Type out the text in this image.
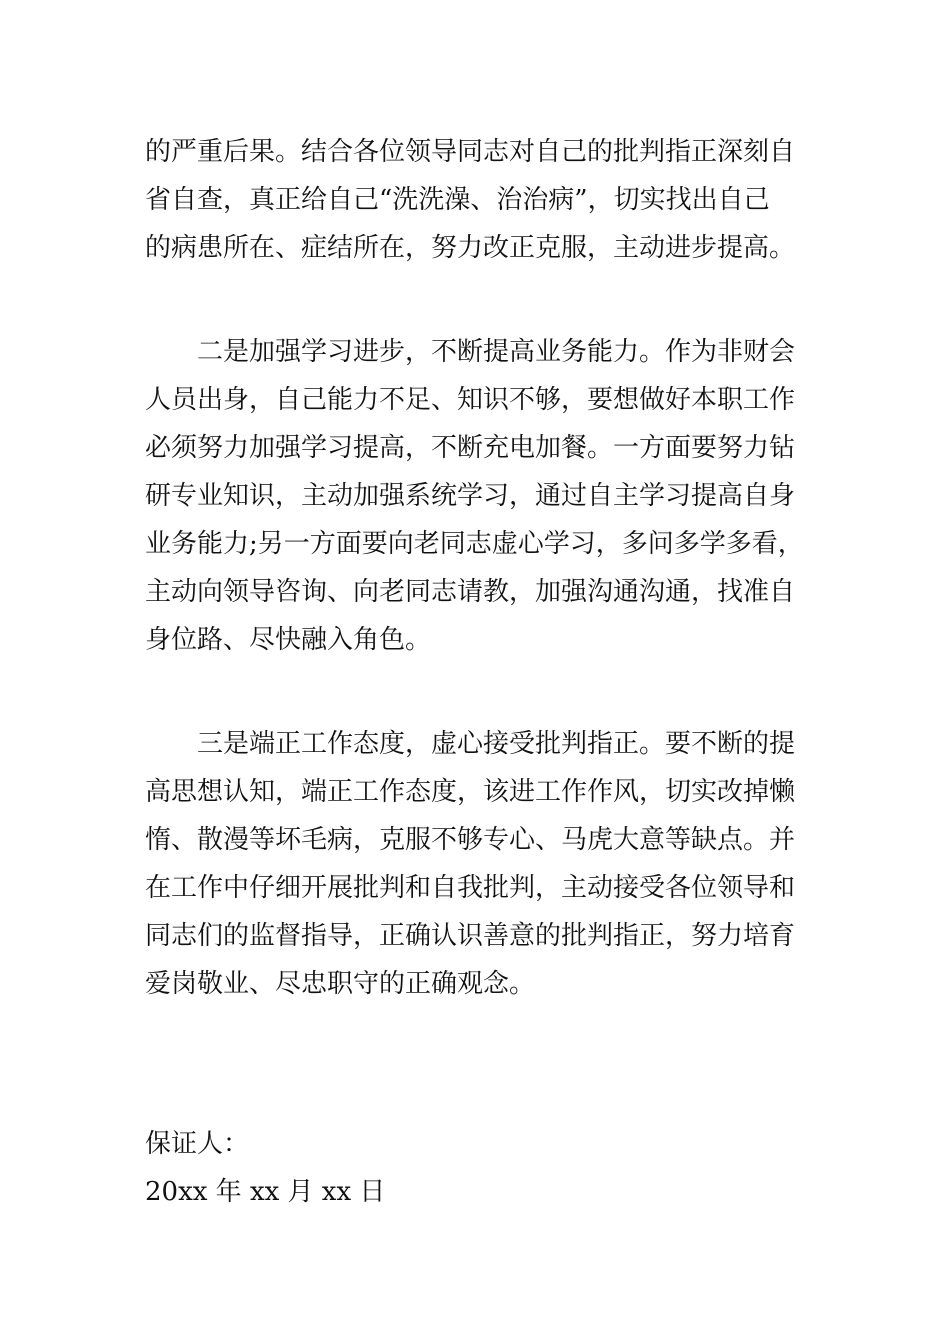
的严重后果。结合各位领导同志对自己的批判指正深刻自
省自查，真正给自己“洗洗澡、治治病”，切实找出自己
的病患所在、症结所在，努力改正克服，主动进步提高。
二是加强学习进步，不断提高业务能力。作为非财会
人员出身，自己能力不足、知识不够，要想做好本职工作
必须努力加强学习提高，不断充电加餐。一方面要努力钻
研专业知识，主动加强系统学习，通过自主学习提高自身
业务能力;另一方面要向老同志虚心学习，多问多学多看，
主动向领导咨询、向老同志请教，加强沟通沟通，找准自
身位路、尽快融入角色。
三是端正工作态度，虚心接受批判指正。要不断的提
高思想认知，端正工作态度，该进工作作风，切实改掉懒
惰、散漫等坏毛病，克服不够专心、马虎大意等缺点。并
在工作中仔细开展批判和自我批判，主动接受各位领导和
同志们的监督指导，正确认识善意的批判指正，努力培育
爱岗敬业、尽忠职守的正确观念。
保证人：
20xx 年 xx 月 xx 日
